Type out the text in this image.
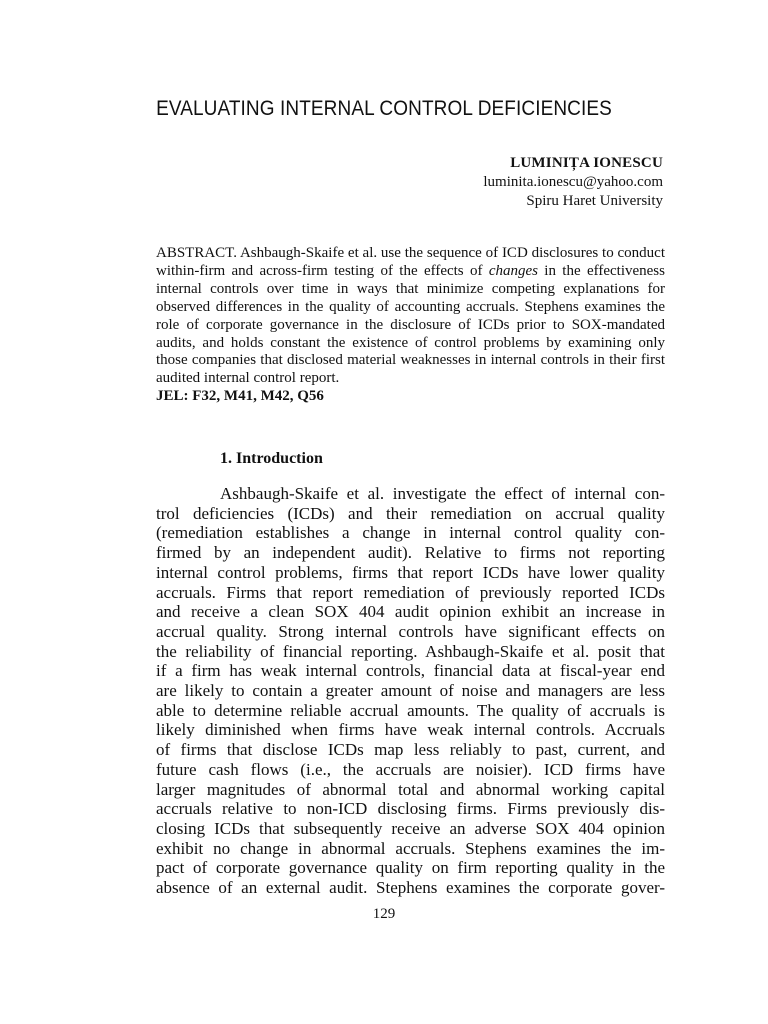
EVALUATING INTERNAL CONTROL DEFICIENCIES
LUMINIȚA IONESCU
luminita.ionescu@yahoo.com
Spiru Haret University

ABSTRACT. Ashbaugh-Skaife et al. use the sequence of ICD disclosures to conduct within-firm and across-firm testing of the effects of changes in the effectiveness internal controls over time in ways that minimize competing explanations for observed differences in the quality of accounting accruals. Stephens examines the role of corporate governance in the disclosure of ICDs prior to SOX-mandated audits, and holds constant the existence of control problems by examining only those companies that disclosed material weaknesses in internal controls in their first audited internal control report.

JEL: F32, M41, M42, Q56
1. Introduction
Ashbaugh-Skaife et al. investigate the effect of internal con-
trol deficiencies (ICDs) and their remediation on accrual quality
(remediation establishes a change in internal control quality con-
firmed by an independent audit). Relative to firms not reporting
internal control problems, firms that report ICDs have lower quality
accruals. Firms that report remediation of previously reported ICDs
and receive a clean SOX 404 audit opinion exhibit an increase in
accrual quality. Strong internal controls have significant effects on
the reliability of financial reporting. Ashbaugh-Skaife et al. posit that
if a firm has weak internal controls, financial data at fiscal-year end
are likely to contain a greater amount of noise and managers are less
able to determine reliable accrual amounts. The quality of accruals is
likely diminished when firms have weak internal controls. Accruals
of firms that disclose ICDs map less reliably to past, current, and
future cash flows (i.e., the accruals are noisier). ICD firms have
larger magnitudes of abnormal total and abnormal working capital
accruals relative to non-ICD disclosing firms. Firms previously dis-
closing ICDs that subsequently receive an adverse SOX 404 opinion
exhibit no change in abnormal accruals. Stephens examines the im-
pact of corporate governance quality on firm reporting quality in the
absence of an external audit. Stephens examines the corporate gover-
129
